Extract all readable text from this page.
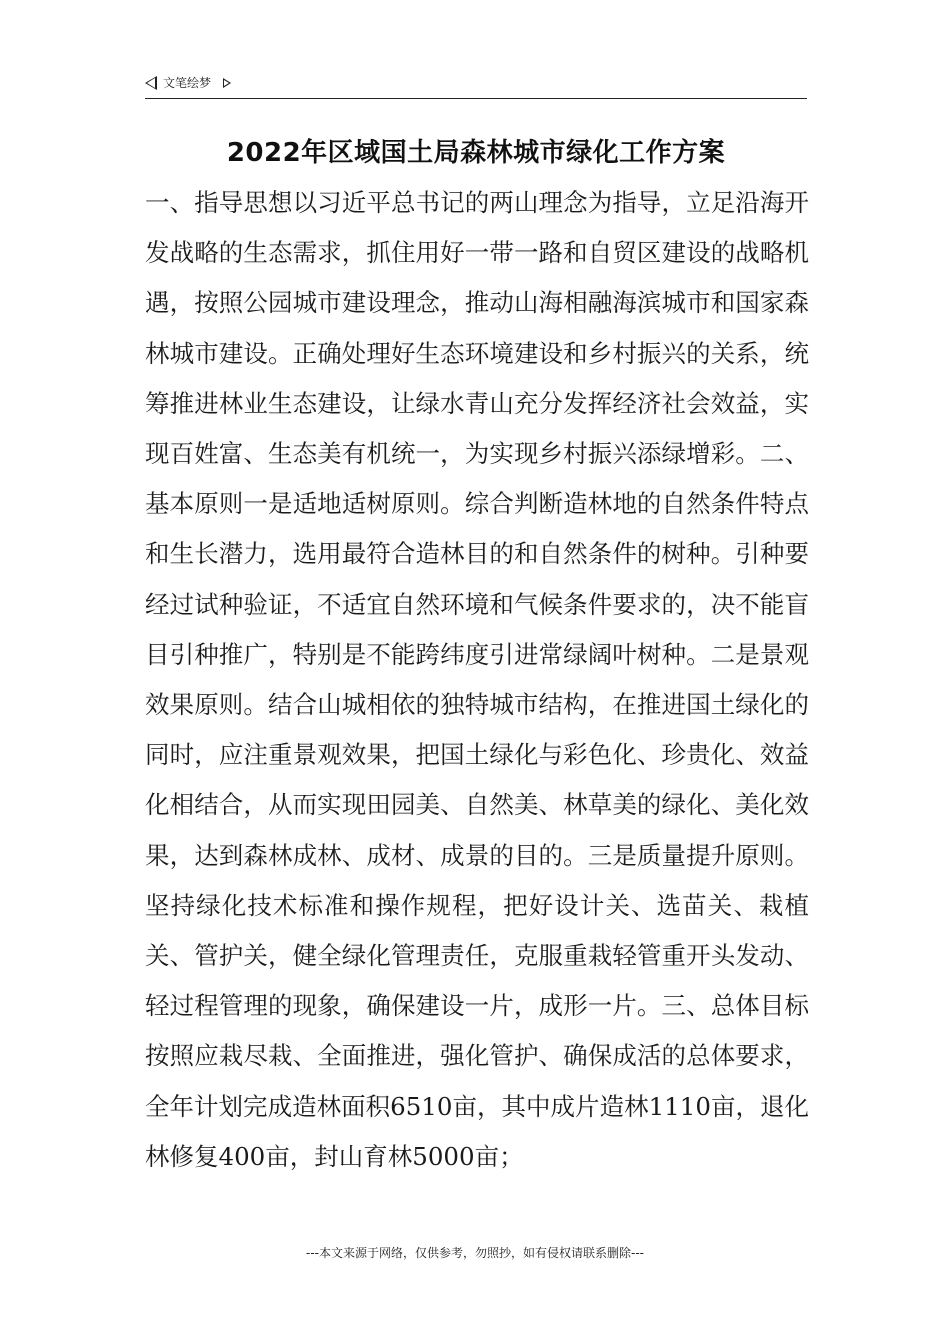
文笔绘梦
2022年区域国土局森林城市绿化工作方案

一、指导思想以习近平总书记的两山理念为指导，立足沿海开发战略的生态需求，抓住用好一带一路和自贸区建设的战略机遇，按照公园城市建设理念，推动山海相融海滨城市和国家森林城市建设。正确处理好生态环境建设和乡村振兴的关系，统筹推进林业生态建设，让绿水青山充分发挥经济社会效益，实现百姓富、生态美有机统一，为实现乡村振兴添绿增彩。二、基本原则一是适地适树原则。综合判断造林地的自然条件特点和生长潜力，选用最符合造林目的和自然条件的树种。引种要经过试种验证，不适宜自然环境和气候条件要求的，决不能盲目引种推广，特别是不能跨纬度引进常绿阔叶树种。二是景观效果原则。结合山城相依的独特城市结构，在推进国土绿化的同时，应注重景观效果，把国土绿化与彩色化、珍贵化、效益化相结合，从而实现田园美、自然美、林草美的绿化、美化效果，达到森林成林、成材、成景的目的。三是质量提升原则。坚持绿化技术标准和操作规程，把好设计关、选苗关、栽植关、管护关，健全绿化管理责任，克服重栽轻管重开头发动、轻过程管理的现象，确保建设一片，成形一片。三、总体目标按照应栽尽栽、全面推进，强化管护、确保成活的总体要求，全年计划完成造林面积6510亩，其中成片造林1110亩，退化林修复400亩，封山育林5000亩；

---本文来源于网络，仅供参考，勿照抄，如有侵权请联系删除---
